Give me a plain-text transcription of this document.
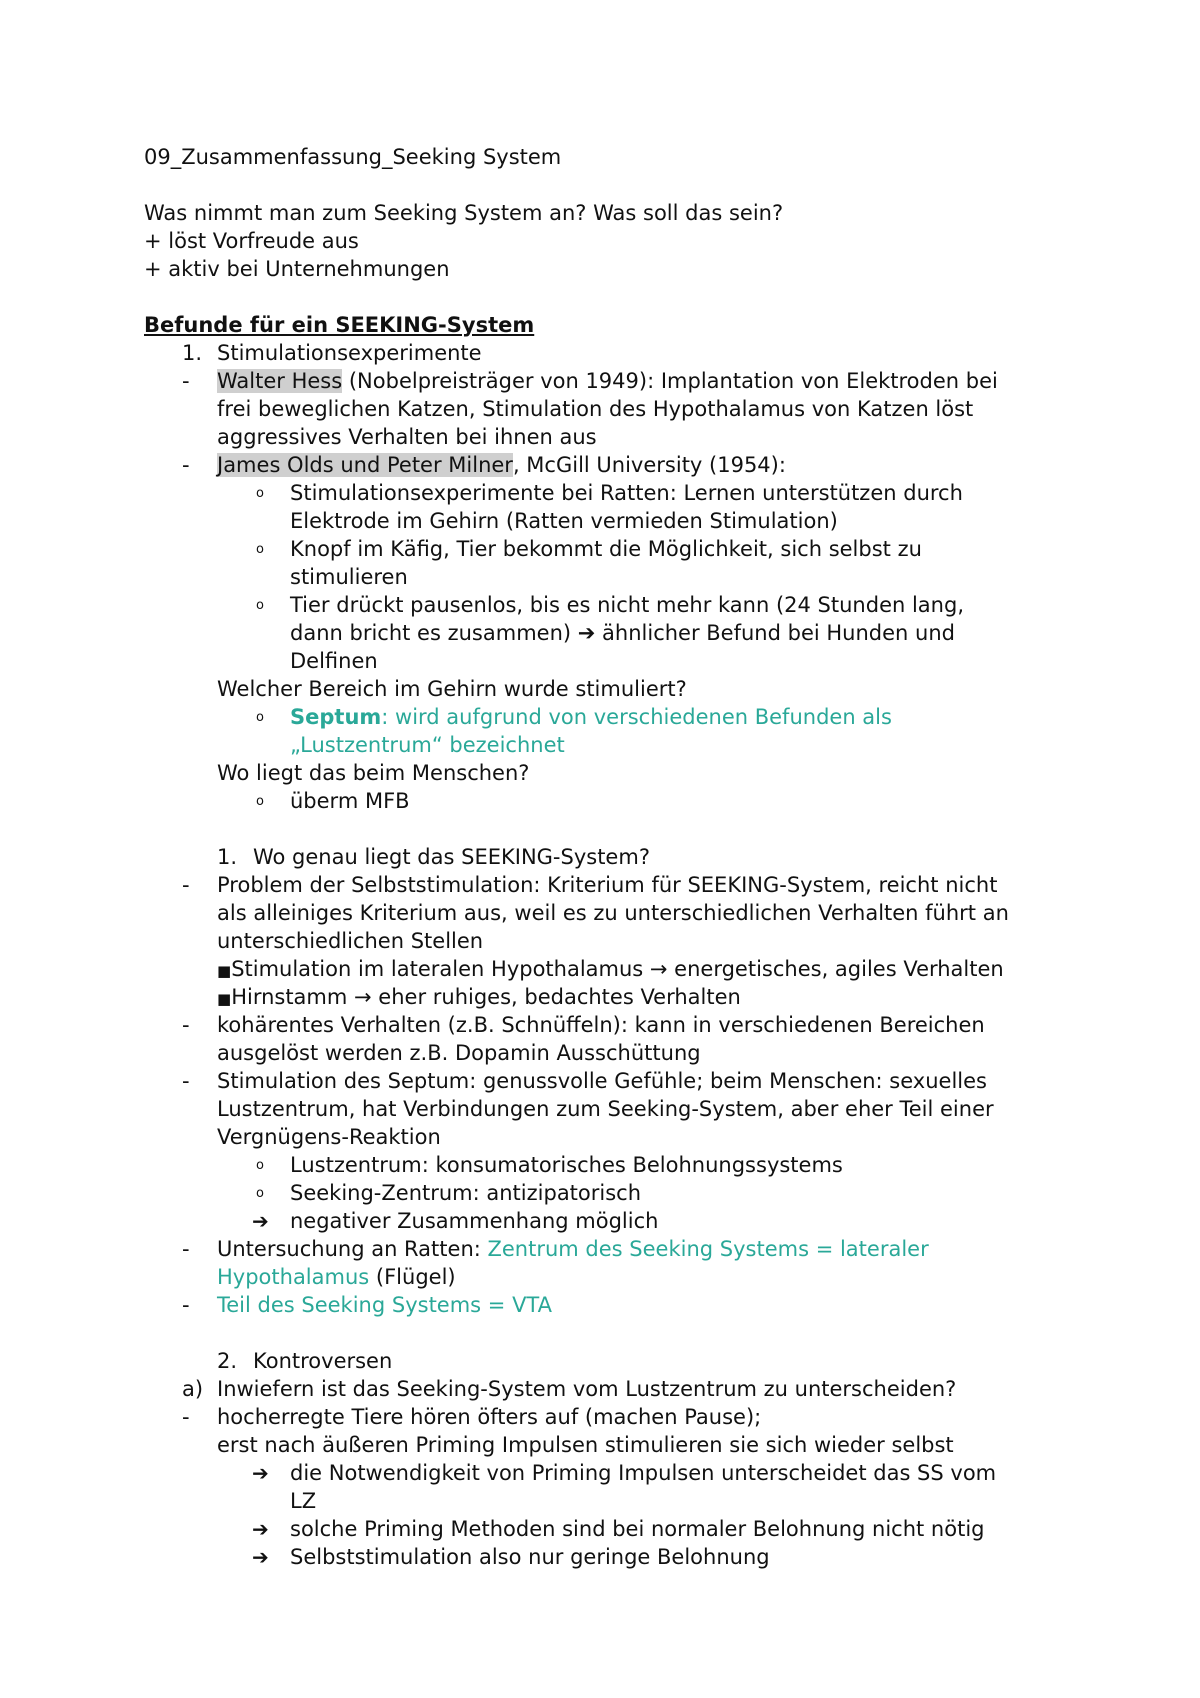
09_Zusammenfassung_Seeking System
Was nimmt man zum Seeking System an? Was soll das sein?
+ löst Vorfreude aus
+ aktiv bei Unternehmungen
Befunde für ein SEEKING-System
1. Stimulationsexperimente
- Walter Hess (Nobelpreisträger von 1949): Implantation von Elektroden bei
frei beweglichen Katzen, Stimulation des Hypothalamus von Katzen löst
aggressives Verhalten bei ihnen aus
- James Olds und Peter Milner, McGill University (1954):
o Stimulationsexperimente bei Ratten: Lernen unterstützen durch
Elektrode im Gehirn (Ratten vermieden Stimulation)
o Knopf im Käfig, Tier bekommt die Möglichkeit, sich selbst zu
stimulieren
o Tier drückt pausenlos, bis es nicht mehr kann (24 Stunden lang,
dann bricht es zusammen) ➔ ähnlicher Befund bei Hunden und
Delfinen
Welcher Bereich im Gehirn wurde stimuliert?
o Septum: wird aufgrund von verschiedenen Befunden als
„Lustzentrum“ bezeichnet
Wo liegt das beim Menschen?
o überm MFB
1. Wo genau liegt das SEEKING-System?
- Problem der Selbststimulation: Kriterium für SEEKING-System, reicht nicht
als alleiniges Kriterium aus, weil es zu unterschiedlichen Verhalten führt an
unterschiedlichen Stellen
■Stimulation im lateralen Hypothalamus → energetisches, agiles Verhalten
■Hirnstamm → eher ruhiges, bedachtes Verhalten
- kohärentes Verhalten (z.B. Schnüffeln): kann in verschiedenen Bereichen
ausgelöst werden z.B. Dopamin Ausschüttung
- Stimulation des Septum: genussvolle Gefühle; beim Menschen: sexuelles
Lustzentrum, hat Verbindungen zum Seeking-System, aber eher Teil einer
Vergnügens-Reaktion
o Lustzentrum: konsumatorisches Belohnungssystems
o Seeking-Zentrum: antizipatorisch
➔ negativer Zusammenhang möglich
- Untersuchung an Ratten: Zentrum des Seeking Systems = lateraler
Hypothalamus (Flügel)
- Teil des Seeking Systems = VTA
2. Kontroversen
a) Inwiefern ist das Seeking-System vom Lustzentrum zu unterscheiden?
- hocherregte Tiere hören öfters auf (machen Pause);
erst nach äußeren Priming Impulsen stimulieren sie sich wieder selbst
➔ die Notwendigkeit von Priming Impulsen unterscheidet das SS vom
LZ
➔ solche Priming Methoden sind bei normaler Belohnung nicht nötig
➔ Selbststimulation also nur geringe Belohnung
